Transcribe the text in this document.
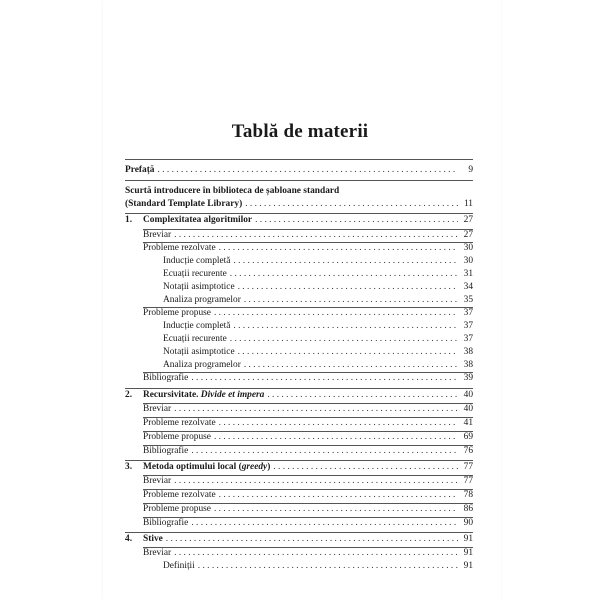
Tablă de materii
Prefață . . .	9
Scurtă introducere în biblioteca de șabloane standard
(Standard Template Library) . . .	11
1.	Complexitatea algoritmilor . . .	27
Breviar . . .	27
Probleme rezolvate . . .	30
Inducție completă . . .	30
Ecuații recurente . . .	31
Notații asimptotice . . .	34
Analiza programelor . . .	35
Probleme propuse . . .	37
Inducție completă . . .	37
Ecuații recurente . . .	37
Notații asimptotice . . .	38
Analiza programelor . . .	38
Bibliografie . . .	39
2.	Recursivitate. Divide et impera . . .	40
Breviar . . .	40
Probleme rezolvate . . .	41
Probleme propuse . . .	69
Bibliografie . . .	76
3.	Metoda optimului local (greedy) . . .	77
Breviar . . .	77
Probleme rezolvate . . .	78
Probleme propuse . . .	86
Bibliografie . . .	90
4.	Stive . . .	91
Breviar . . .	91
Definiții . . .	91
